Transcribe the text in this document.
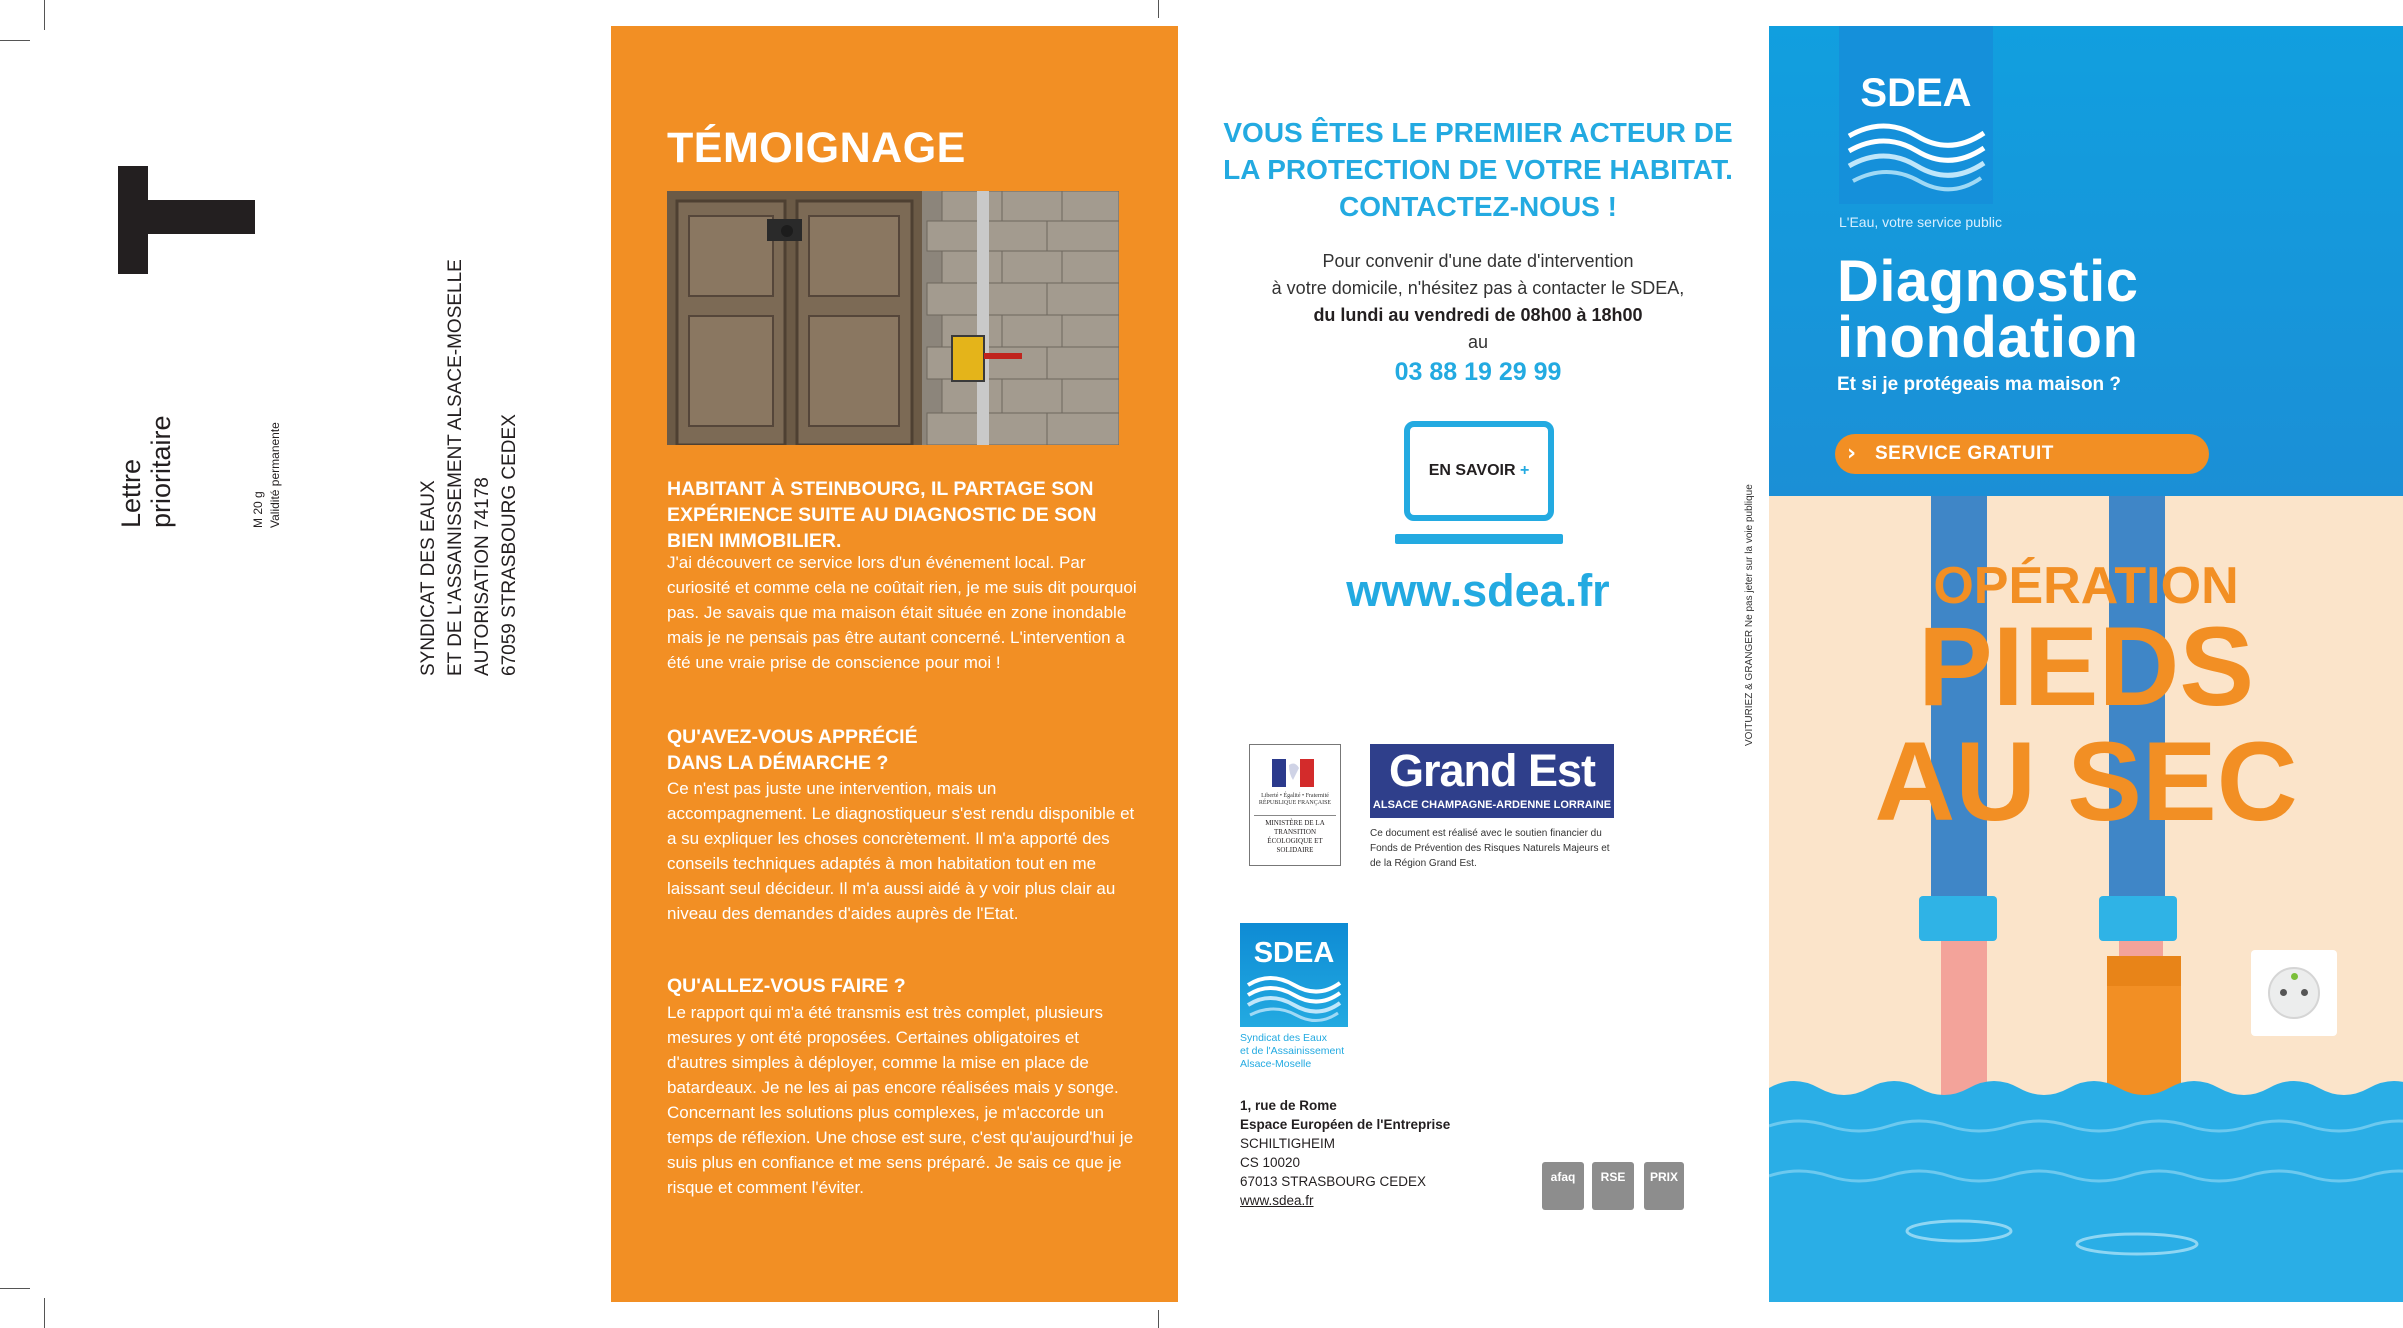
Lettre prioritaire	M 20 g Validité permanente
SYNDICAT DES EAUX ET DE L'ASSAINISSEMENT ALSACE-MOSELLE AUTORISATION 74178 67059 STRASBOURG CEDEX
TÉMOIGNAGE
HABITANT À STEINBOURG, IL PARTAGE SON EXPÉRIENCE SUITE AU DIAGNOSTIC DE SON BIEN IMMOBILIER.
J'ai découvert ce service lors d'un événement local. Par curiosité et comme cela ne coûtait rien, je me suis dit pourquoi pas. Je savais que ma maison était située en zone inondable mais je ne pensais pas être autant concerné. L'intervention a été une vraie prise de conscience pour moi !
QU'AVEZ-VOUS APPRÉCIÉ DANS LA DÉMARCHE ?
Ce n'est pas juste une intervention, mais un accompagnement. Le diagnostiqueur s'est rendu disponible et a su expliquer les choses concrètement. Il m'a apporté des conseils techniques adaptés à mon habitation tout en me laissant seul décideur. Il m'a aussi aidé à y voir plus clair au niveau des demandes d'aides auprès de l'Etat.
QU'ALLEZ-VOUS FAIRE ?
Le rapport qui m'a été transmis est très complet, plusieurs mesures y ont été proposées. Certaines obligatoires et d'autres simples à déployer, comme la mise en place de batardeaux. Je ne les ai pas encore réalisées mais y songe. Concernant les solutions plus complexes, je m'accorde un temps de réflexion. Une chose est sure, c'est qu'aujourd'hui je suis plus en confiance et me sens préparé. Je sais ce que je risque et comment l'éviter.
VOUS ÊTES LE PREMIER ACTEUR DE
LA PROTECTION DE VOTRE HABITAT.
CONTACTEZ-NOUS !
Pour convenir d'une date d'intervention
à votre domicile, n'hésitez pas à contacter le SDEA,
du lundi au vendredi de 08h00 à 18h00
au
03 88 19 29 99
EN SAVOIR +
www.sdea.fr
Liberté • Égalité • Fraternité
RÉPUBLIQUE FRANÇAISE
MINISTÈRE DE LA TRANSITION ÉCOLOGIQUE ET SOLIDAIRE
Grand Est
ALSACE CHAMPAGNE-ARDENNE LORRAINE
Ce document est réalisé avec le soutien financier du Fonds de Prévention des Risques Naturels Majeurs et de la Région Grand Est.
SDEA
Syndicat des Eaux
et de l'Assainissement
Alsace-Moselle
1, rue de Rome
Espace Européen de l'Entreprise
SCHILTIGHEIM
CS 10020
67013 STRASBOURG CEDEX
www.sdea.fr
afaq	RSE	PRIX
VOITURIEZ & GRANGER Ne pas jeter sur la voie publique
SDEA
L'Eau, votre service public
Diagnostic
inondation
Et si je protégeais ma maison ?
› SERVICE GRATUIT
OPÉRATION
PIEDS
AU SEC
